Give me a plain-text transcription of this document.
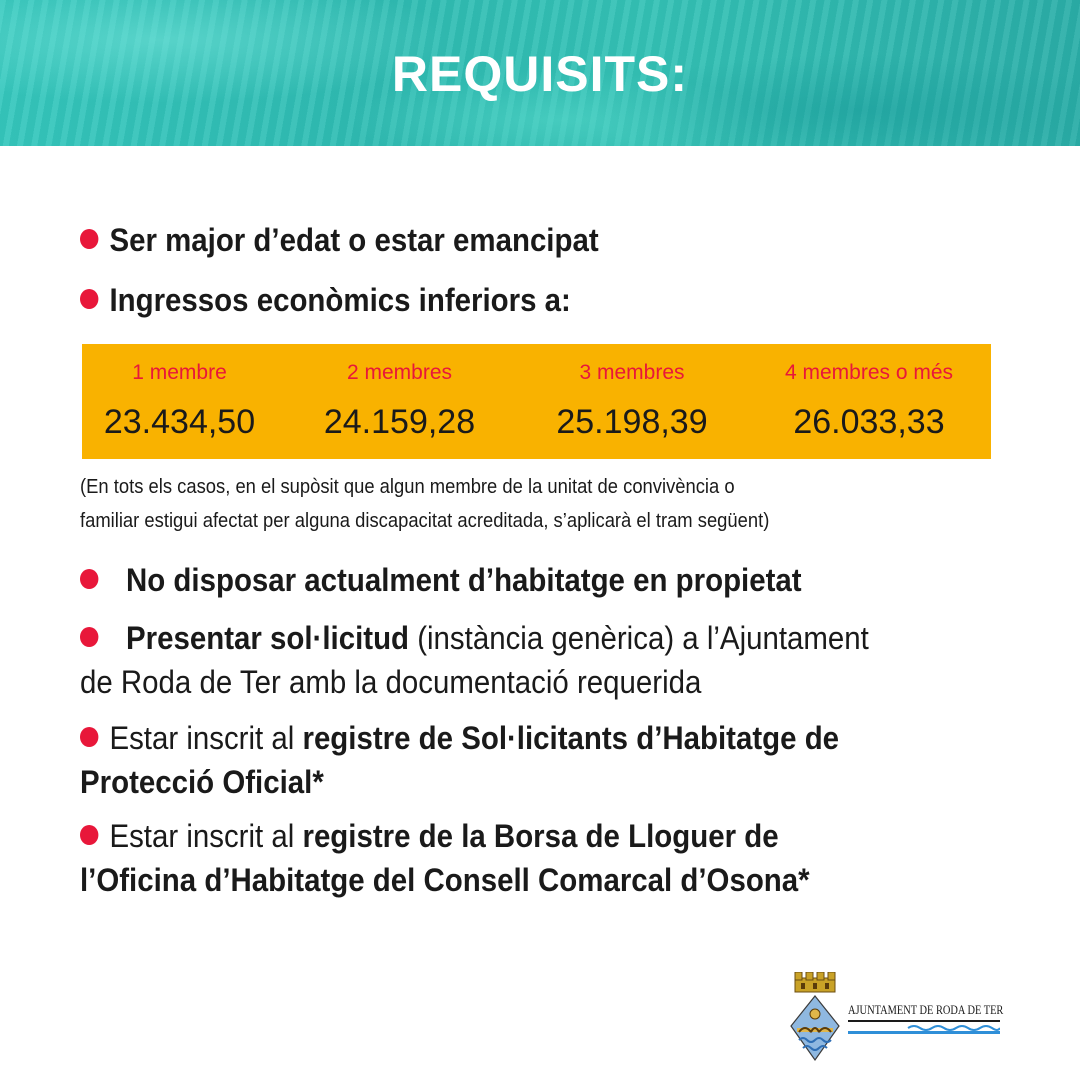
REQUISITS:
Ser major d’edat o estar emancipat
Ingressos econòmics inferiors a:
1 membre
23.434,50
2 membres
24.159,28
3 membres
25.198,39
4 membres o més
26.033,33
(En tots els casos, en el supòsit que algun membre de la unitat de convivència o
familiar estigui afectat per alguna discapacitat acreditada, s’aplicarà el tram següent)
No disposar actualment d’habitatge en propietat
Presentar sol·licitud (instància genèrica) a l’Ajuntament
de Roda de Ter amb la documentació requerida
Estar inscrit al registre de Sol·licitants d’Habitatge de
Protecció Oficial*
Estar inscrit al registre de la Borsa de Lloguer de
l’Oficina d’Habitatge del Consell Comarcal d’Osona*
AJUNTAMENT DE RODA DE TER
